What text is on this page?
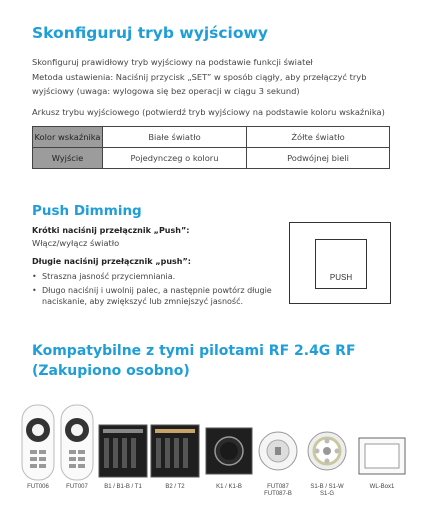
Skonfiguruj tryb wyjściowy
Skonfiguruj prawidłowy tryb wyjściowy na podstawie funkcji świateł
Metoda ustawienia: Naciśnij przycisk „SET” w sposób ciągły, aby przełączyć tryb
wyjściowy (uwaga: wylogowa się bez operacji w ciągu 3 sekund)
Arkusz trybu wyjściowego (potwierdź tryb wyjściowy na podstawie koloru wskaźnika)
Kolor wskaźnika	Białe światło	Żółte światło
Wyjście	Pojedynczeg o koloru	Podwójnej bieli
Push Dimming
Krótki naciśnij przełącznik „Push”:
Włącz/wyłącz światło
Długie naciśnij przełącznik „push”:
• Straszna jasność przyciemniania.
• Długo naciśnij i uwolnij palec, a następnie powtórz długie
naciskanie, aby zwiększyć lub zmniejszyć jasność.
PUSH
Kompatybilne z tymi pilotami RF 2.4G RF
(Zakupiono osobno)
FUT006	FUT007	B1 / B1-B / T1	B2 / T2	K1 / K1-B	FUT087
FUT087-B
S1-B / S1-W
S1-G
WL-Box1
